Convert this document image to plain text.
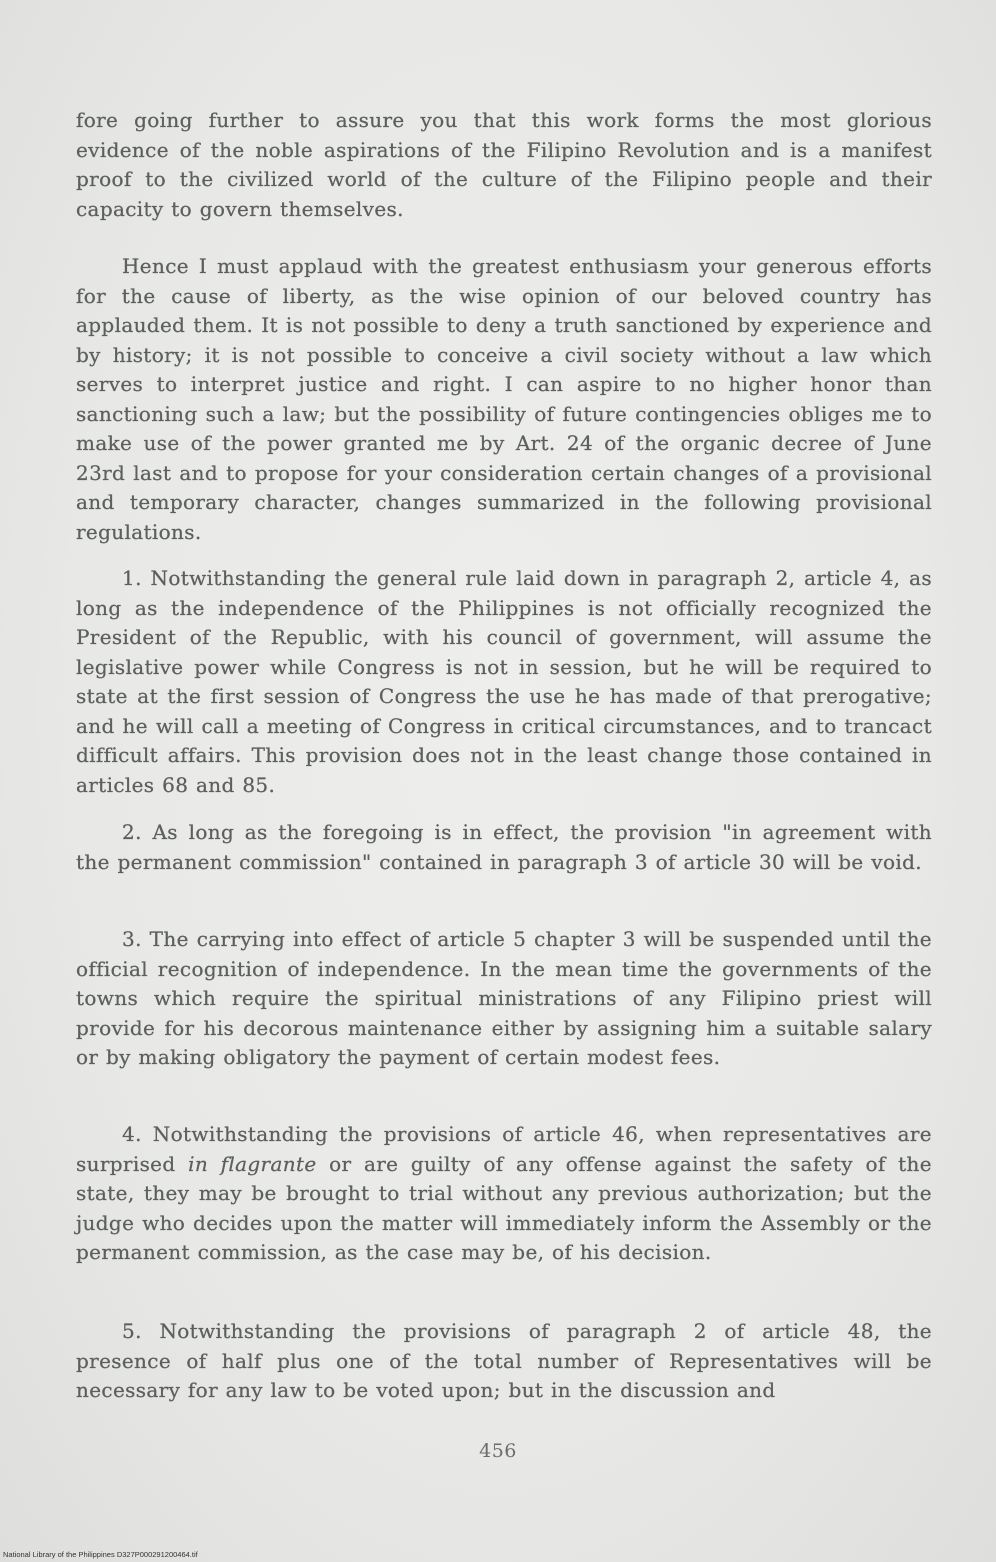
fore going further to assure you that this work forms the most glorious evidence of the noble aspirations of the Filipino Revolution and is a manifest proof to the civilized world of the culture of the Filipino people and their capacity to govern themselves.

Hence I must applaud with the greatest enthusiasm your generous efforts for the cause of liberty, as the wise opinion of our beloved country has applauded them. It is not possible to deny a truth sanctioned by experience and by history; it is not possible to conceive a civil society without a law which serves to interpret justice and right. I can aspire to no higher honor than sanctioning such a law; but the possibility of future contingencies obliges me to make use of the power granted me by Art. 24 of the organic decree of June 23rd last and to propose for your consideration certain changes of a provisional and temporary character, changes summarized in the following provisional regulations.

1. Notwithstanding the general rule laid down in paragraph 2, article 4, as long as the independence of the Philippines is not officially recognized the President of the Republic, with his council of government, will assume the legislative power while Congress is not in session, but he will be required to state at the first session of Congress the use he has made of that prerogative; and he will call a meeting of Congress in critical circumstances, and to trancact difficult affairs. This provision does not in the least change those contained in articles 68 and 85.

2. As long as the foregoing is in effect, the provision "in agreement with the permanent commission" contained in paragraph 3 of article 30 will be void.

3. The carrying into effect of article 5 chapter 3 will be suspended until the official recognition of independence. In the mean time the governments of the towns which require the spiritual ministrations of any Filipino priest will provide for his decorous maintenance either by assigning him a suitable salary or by making obligatory the payment of certain modest fees.

4. Notwithstanding the provisions of article 46, when representatives are surprised in flagrante or are guilty of any offense against the safety of the state, they may be brought to trial without any previous authorization; but the judge who decides upon the matter will immediately inform the Assembly or the permanent commission, as the case may be, of his decision.

5. Notwithstanding the provisions of paragraph 2 of article 48, the presence of half plus one of the total number of Representatives will be necessary for any law to be voted upon; but in the discussion and

456
National Library of the Philippines D327P000291200464.tif
